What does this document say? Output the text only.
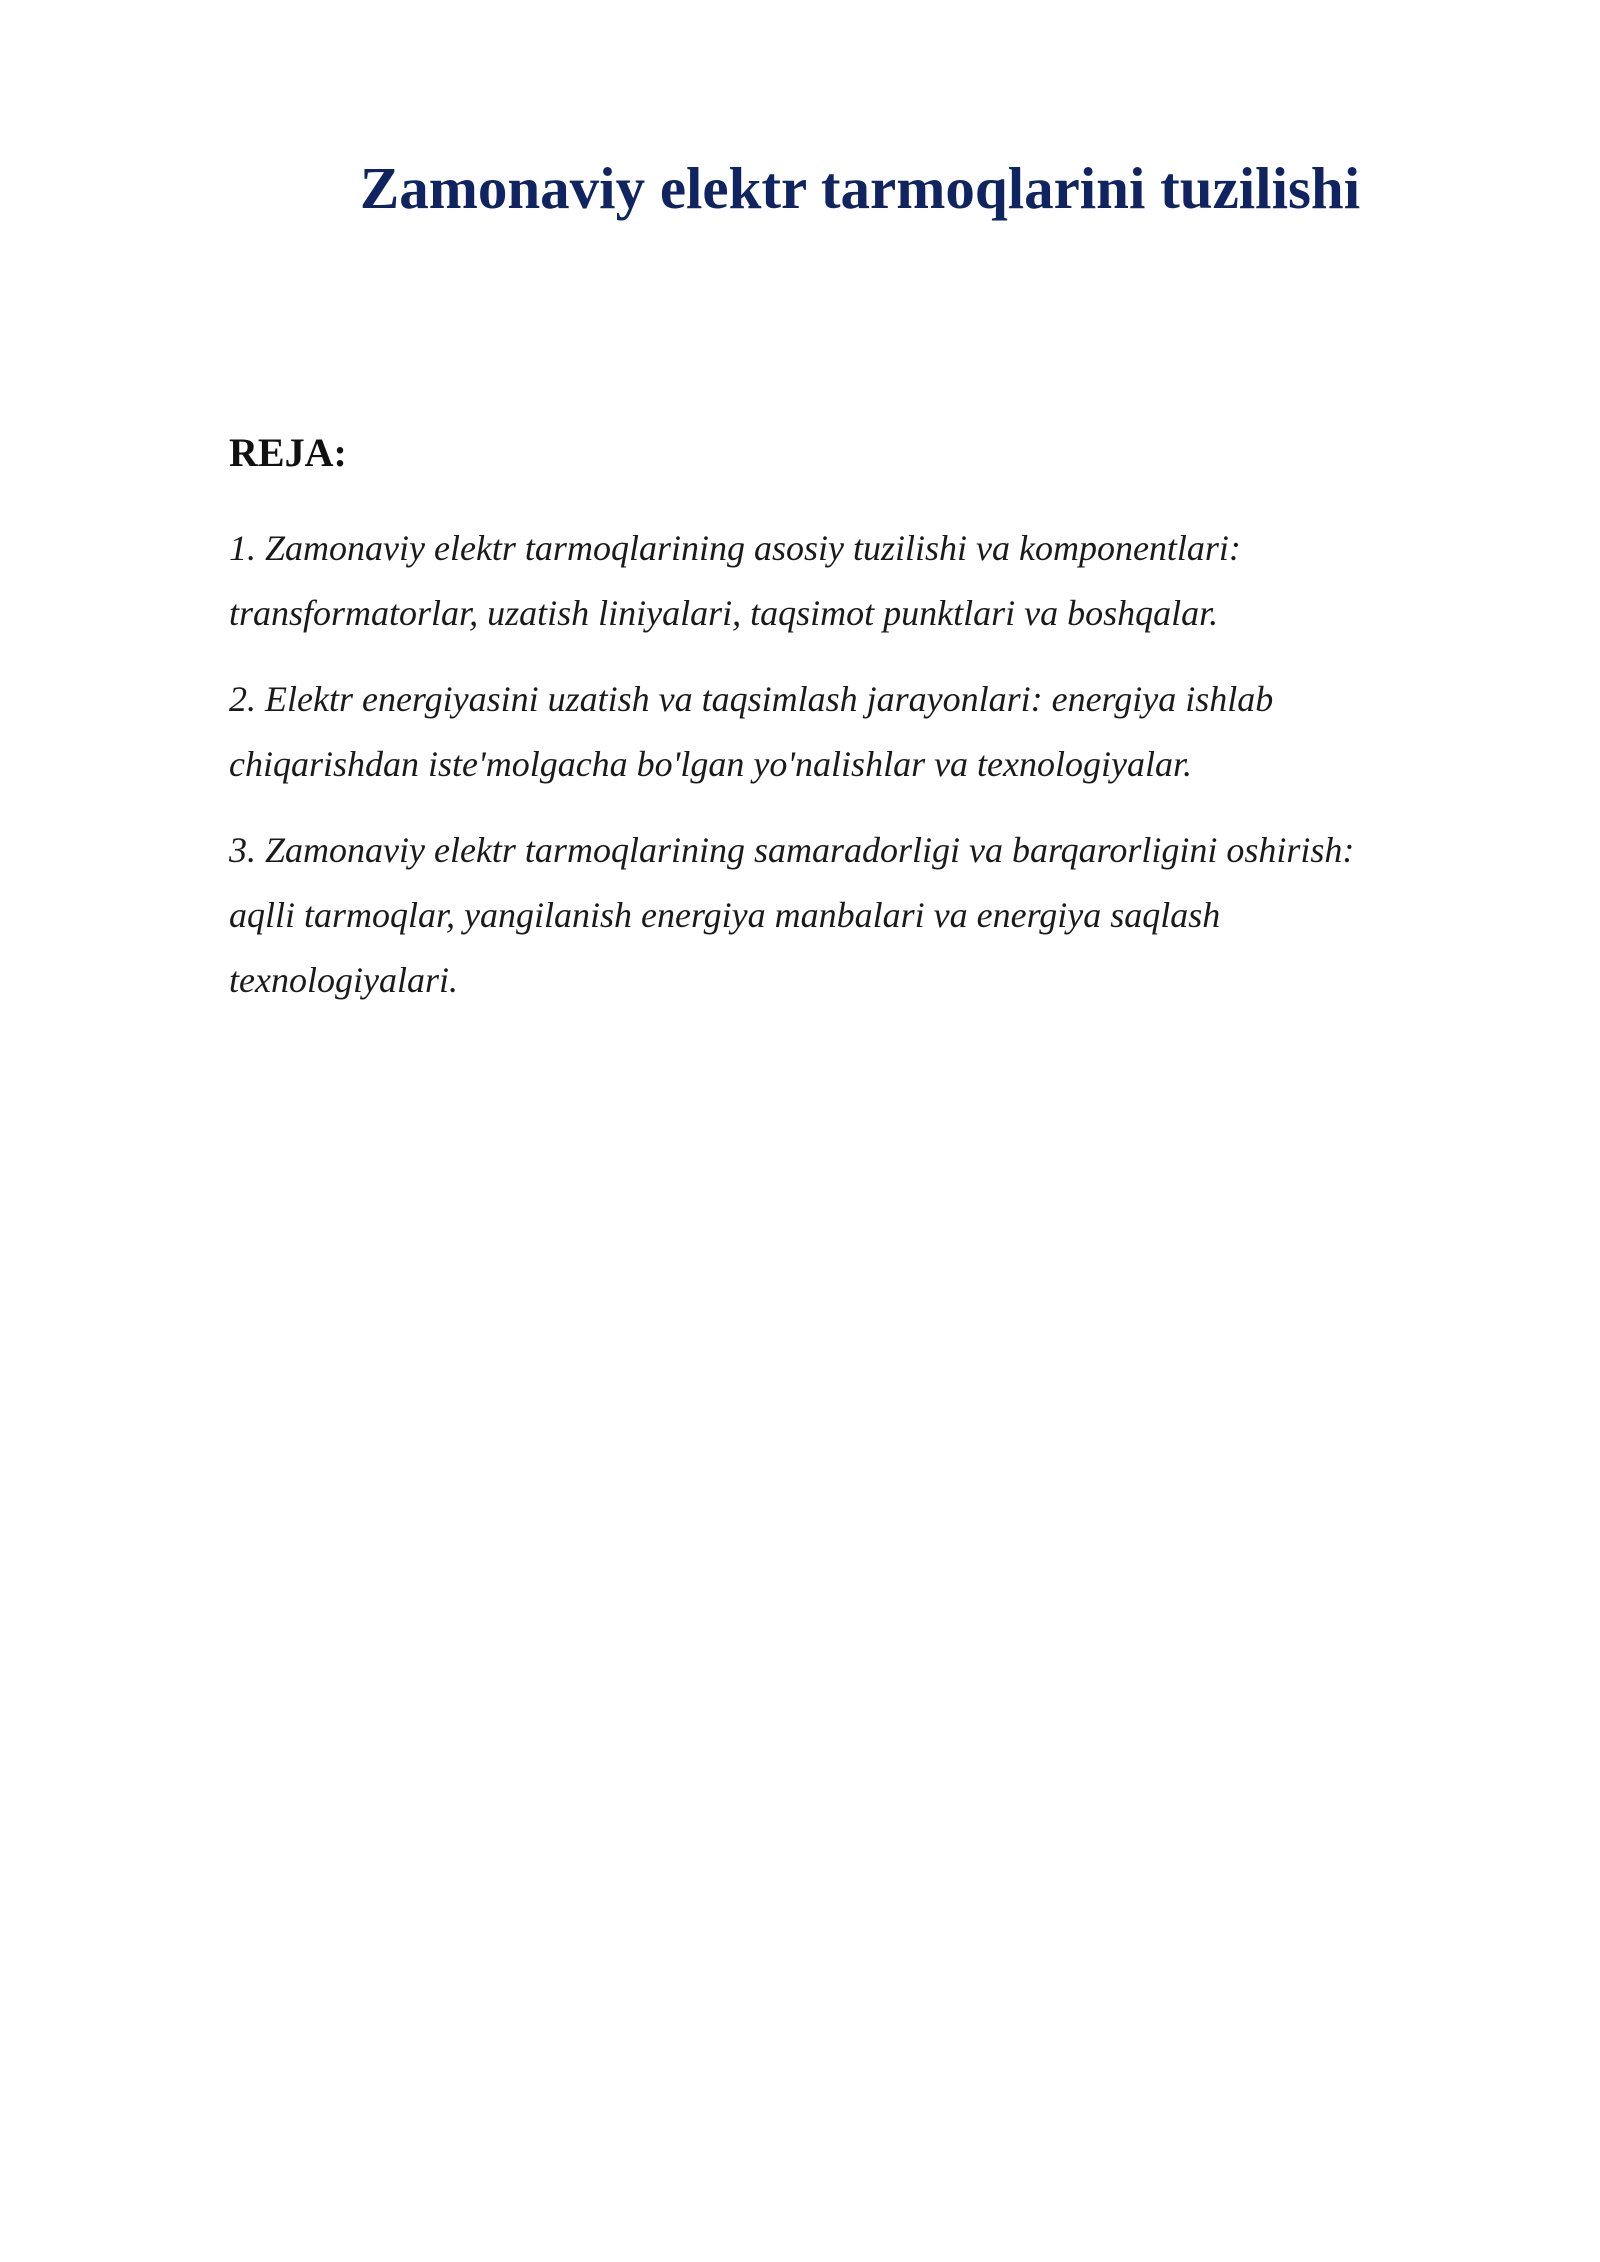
Zamonaviy elektr tarmoqlarini tuzilishi
REJA:
1. Zamonaviy elektr tarmoqlarining asosiy tuzilishi va komponentlari:
transformatorlar, uzatish liniyalari, taqsimot punktlari va boshqalar.
2. Elektr energiyasini uzatish va taqsimlash jarayonlari: energiya ishlab
chiqarishdan iste'molgacha bo'lgan yo'nalishlar va texnologiyalar.
3. Zamonaviy elektr tarmoqlarining samaradorligi va barqarorligini oshirish:
aqlli tarmoqlar, yangilanish energiya manbalari va energiya saqlash
texnologiyalari.
